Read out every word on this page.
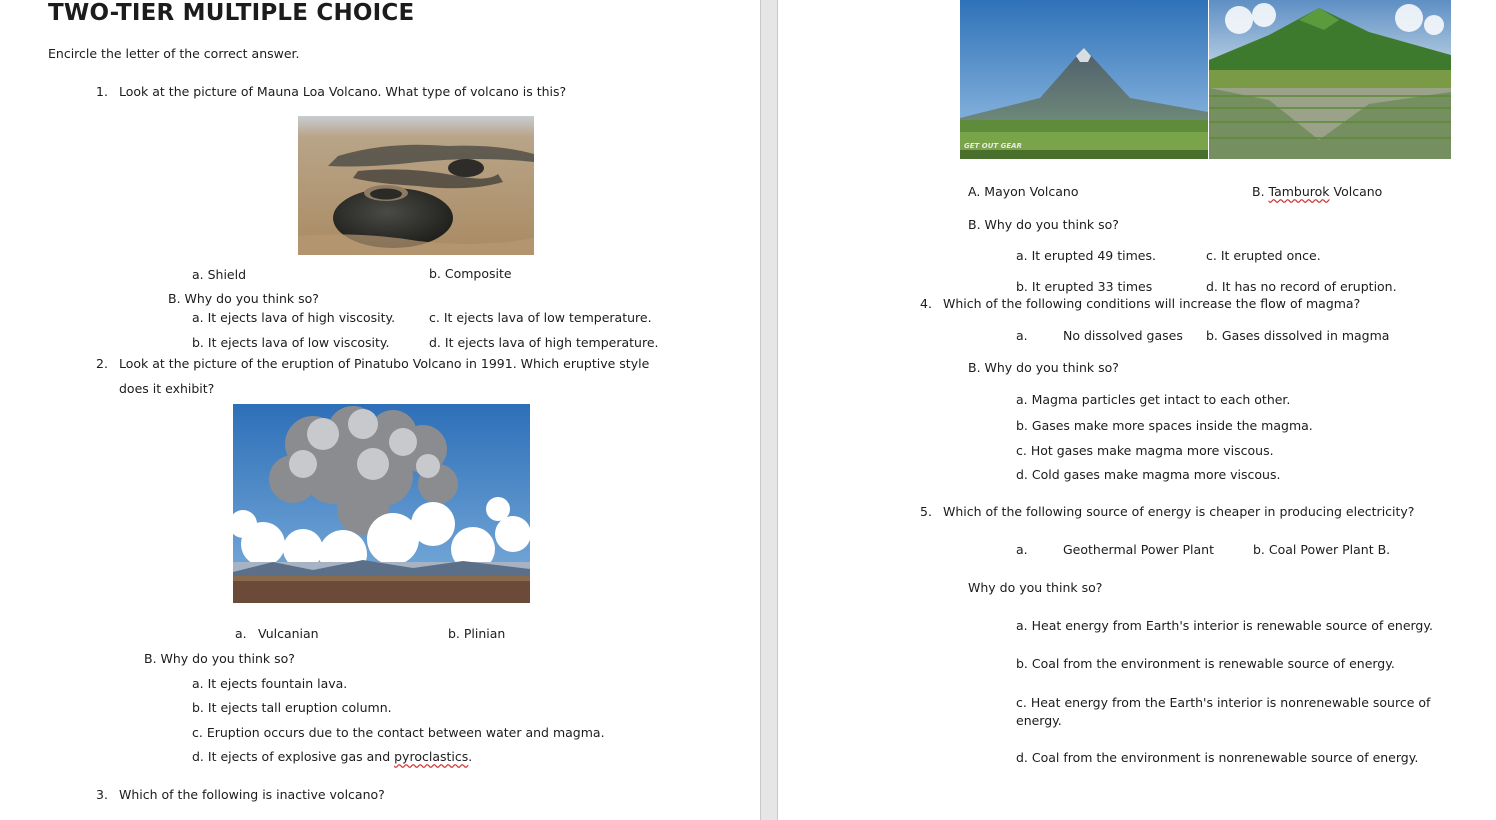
TWO-TIER MULTIPLE CHOICE
Encircle the letter of the correct answer.
1. Look at the picture of Mauna Loa Volcano. What type of volcano is this?
a. Shield	b. Composite
B. Why do you think so?
a. It ejects lava of high viscosity.	c. It ejects lava of low temperature.
b. It ejects lava of low viscosity.	d. It ejects lava of high temperature.
2. Look at the picture of the eruption of Pinatubo Volcano in 1991. Which eruptive style
does it exhibit?
a. Vulcanian	b. Plinian
B. Why do you think so?
a. It ejects fountain lava.
b. It ejects tall eruption column.
c. Eruption occurs due to the contact between water and magma.
d. It ejects of explosive gas and pyroclastics.
3. Which of the following is inactive volcano?
GET OUT GEAR
A. Mayon Volcano	B. Tamburok Volcano
B. Why do you think so?
a. It erupted 49 times.	c. It erupted once.
b. It erupted 33 times	d. It has no record of eruption.
4. Which of the following conditions will increase the flow of magma?
a.	No dissolved gases b. Gases dissolved in magma
B. Why do you think so?
a. Magma particles get intact to each other.
b. Gases make more spaces inside the magma.
c. Hot gases make magma more viscous.
d. Cold gases make magma more viscous.
5. Which of the following source of energy is cheaper in producing electricity?
a.	Geothermal Power Plant	b. Coal Power Plant B.
Why do you think so?
a. Heat energy from Earth's interior is renewable source of energy.
b. Coal from the environment is renewable source of energy.
c. Heat energy from the Earth's interior is nonrenewable source of energy.
d. Coal from the environment is nonrenewable source of energy.
